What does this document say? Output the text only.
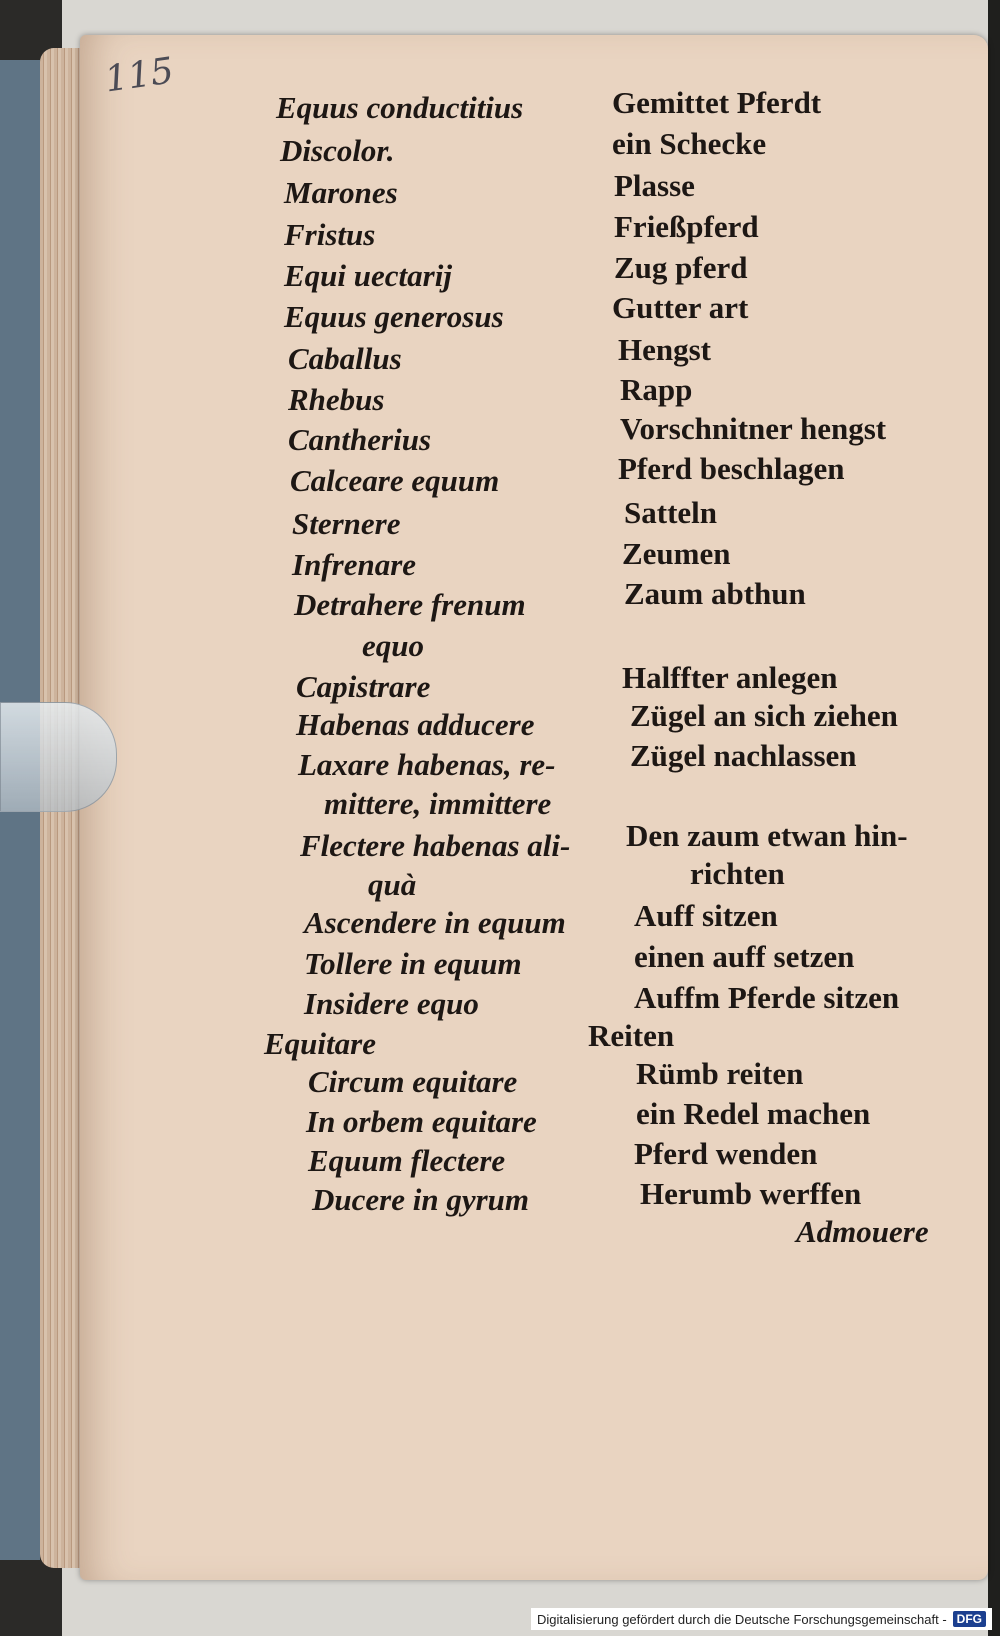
115
Equus conductitius
Discolor.
Marones
Fristus
Equi uectarij
Equus generosus
Caballus
Rhebus
Cantherius
Calceare equum
Sternere
Infrenare
Detrahere frenum
equo
Capistrare
Habenas adducere
Laxare habenas, re-
mittere, immittere
Flectere habenas ali-
quà
Ascendere in equum
Tollere in equum
Insidere equo
Equitare
Circum equitare
In orbem equitare
Equum flectere
Ducere in gyrum
Gemittet Pferdt
ein Schecke
Plasse
Frießpferd
Zug pferd
Gutter art
Hengst
Rapp
Vorschnitner hengst
Pferd beschlagen
Satteln
Zeumen
Zaum abthun
Halffter anlegen
Zügel an sich ziehen
Zügel nachlassen
Den zaum etwan hin-
richten
Auff sitzen
einen auff setzen
Auffm Pferde sitzen
Reiten
Rümb reiten
ein Redel machen
Pferd wenden
Herumb werffen
Admouere
Digitalisierung gefördert durch die Deutsche Forschungsgemeinschaft - DFG
